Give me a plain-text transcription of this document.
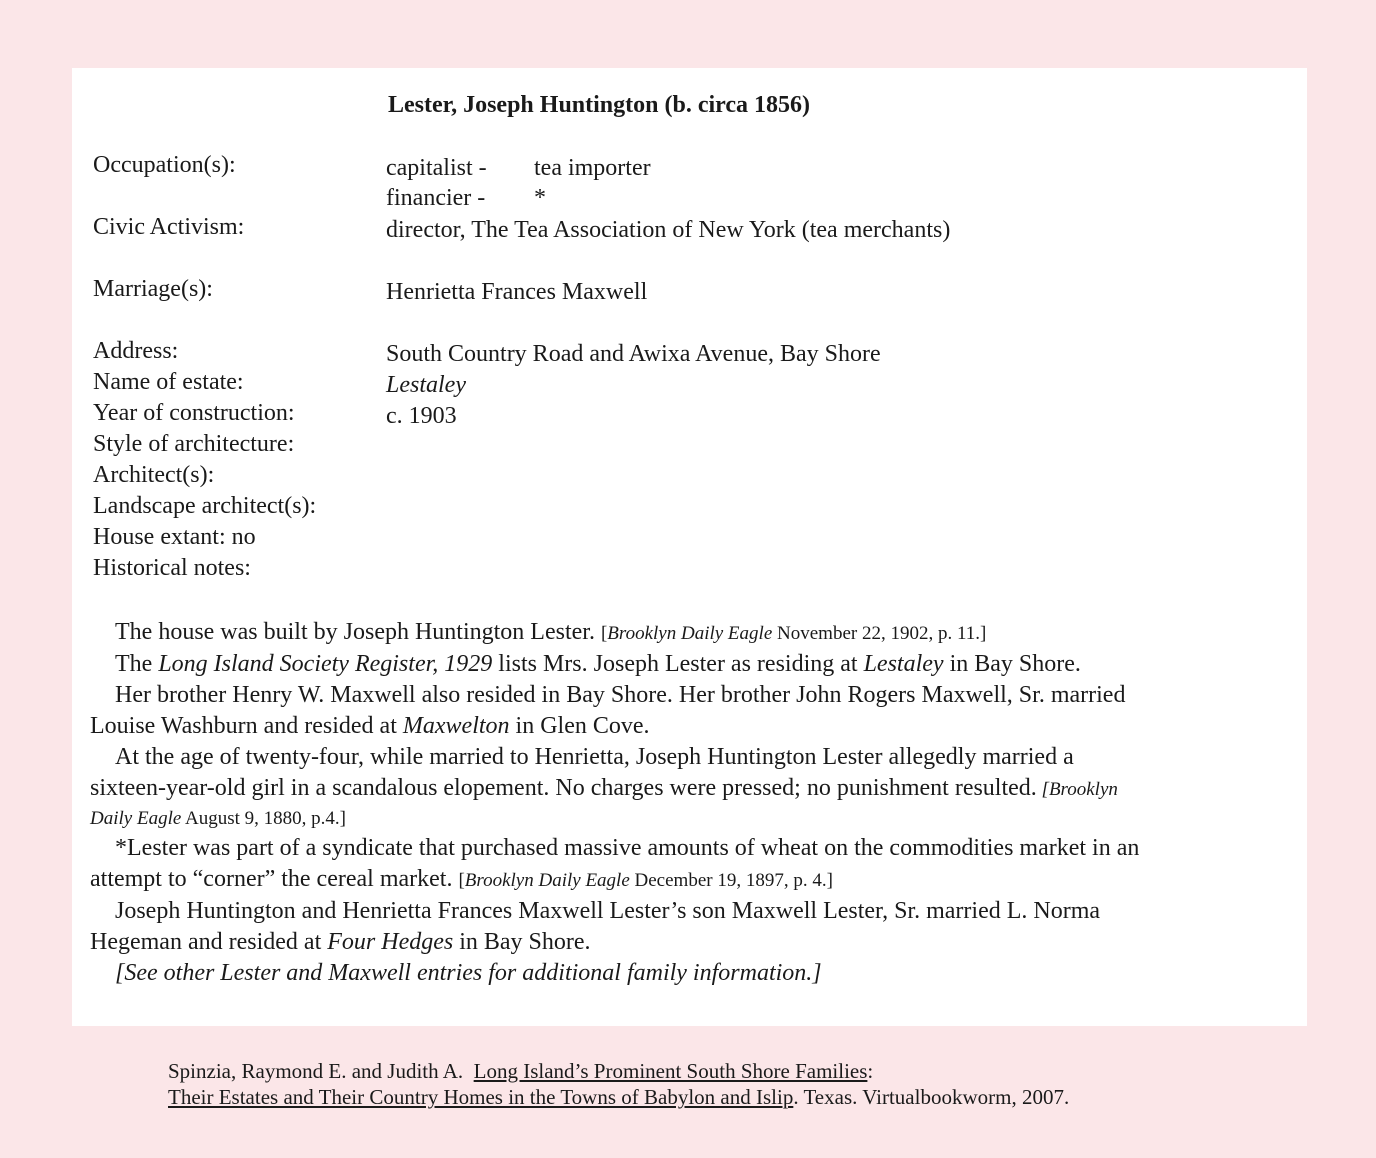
Lester, Joseph Huntington (b. circa 1856)
Occupation(s):	capitalist - tea importer
financier - *
Civic Activism:	director, The Tea Association of New York (tea merchants)
Marriage(s):	Henrietta Frances Maxwell
Address:	South Country Road and Awixa Avenue, Bay Shore
Name of estate:	Lestaley
Year of construction:	c. 1903
Style of architecture:
Architect(s):
Landscape architect(s):
House extant: no
Historical notes:
The house was built by Joseph Huntington Lester. [Brooklyn Daily Eagle November 22, 1902, p. 11.]
The Long Island Society Register, 1929 lists Mrs. Joseph Lester as residing at Lestaley in Bay Shore.
Her brother Henry W. Maxwell also resided in Bay Shore. Her brother John Rogers Maxwell, Sr. married
Louise Washburn and resided at Maxwelton in Glen Cove.
At the age of twenty-four, while married to Henrietta, Joseph Huntington Lester allegedly married a
sixteen-year-old girl in a scandalous elopement. No charges were pressed; no punishment resulted. [Brooklyn
Daily Eagle August 9, 1880, p.4.]
*Lester was part of a syndicate that purchased massive amounts of wheat on the commodities market in an
attempt to “corner” the cereal market. [Brooklyn Daily Eagle December 19, 1897, p. 4.]
Joseph Huntington and Henrietta Frances Maxwell Lester’s son Maxwell Lester, Sr. married L. Norma
Hegeman and resided at Four Hedges in Bay Shore.
[See other Lester and Maxwell entries for additional family information.]
Spinzia, Raymond E. and Judith A.  Long Island’s Prominent South Shore Families:
Their Estates and Their Country Homes in the Towns of Babylon and Islip. Texas. Virtualbookworm, 2007.
